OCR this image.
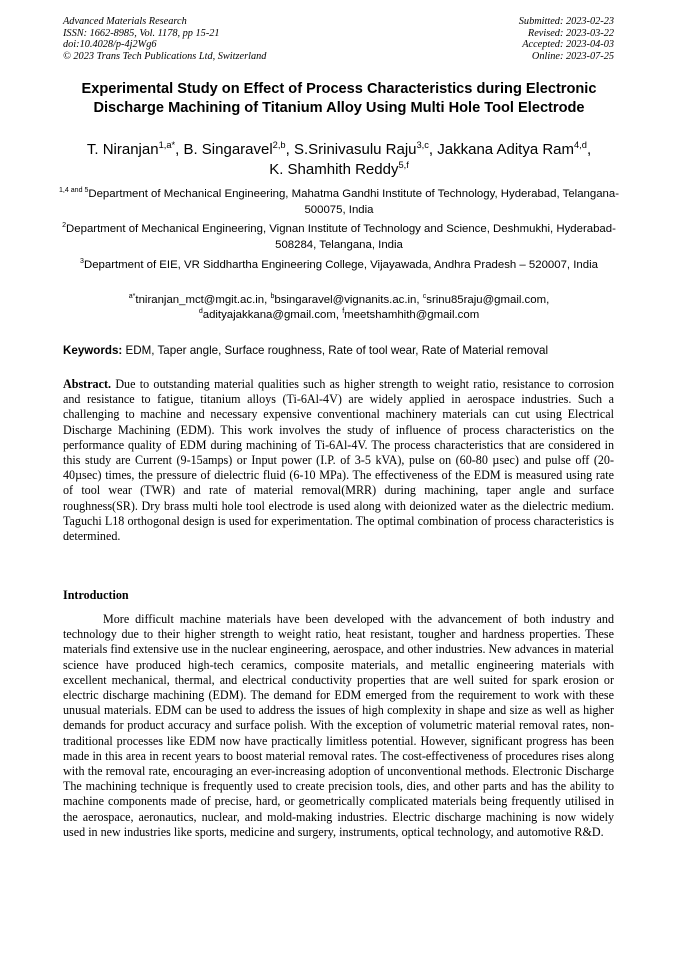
Advanced Materials Research
ISSN: 1662-8985, Vol. 1178, pp 15-21
doi:10.4028/p-4j2Wg6
© 2023 Trans Tech Publications Ltd, Switzerland
Submitted: 2023-02-23
Revised: 2023-03-22
Accepted: 2023-04-03
Online: 2023-07-25
Experimental Study on Effect of Process Characteristics during Electronic Discharge Machining of Titanium Alloy Using Multi Hole Tool Electrode
T. Niranjan$^{1,a*}$, B. Singaravel$^{2,b}$, S.Srinivasulu Raju$^{3,c}$, Jakkana Aditya Ram$^{4,d}$,
K. Shamhith Reddy$^{5,f}$
$^{1,4 and 5}$Department of Mechanical Engineering, Mahatma Gandhi Institute of Technology, Hyderabad, Telangana- 500075, India
$^2$Department of Mechanical Engineering, Vignan Institute of Technology and Science, Deshmukhi, Hyderabad-508284, Telangana, India
$^3$Department of EIE, VR Siddhartha Engineering College, Vijayawada, Andhra Pradesh – 520007, India
$^{a*}$tniranjan_mct@mgit.ac.in, $^b$bsingaravel@vignanits.ac.in, $^c$srinu85raju@gmail.com,
$^d$adityajakkana@gmail.com, $^f$meetshamhith@gmail.com
Keywords: EDM, Taper angle, Surface roughness, Rate of tool wear, Rate of Material removal
Abstract. Due to outstanding material qualities such as higher strength to weight ratio, resistance to corrosion and resistance to fatigue, titanium alloys (Ti-6Al-4V) are widely applied in aerospace industries. Such a challenging to machine and necessary expensive conventional machinery materials can cut using Electrical Discharge Machining (EDM). This work involves the study of influence of process characteristics on the performance quality of EDM during machining of Ti-6Al-4V. The process characteristics that are considered in this study are Current (9-15amps) or Input power (I.P. of 3-5 kVA), pulse on (60-80 µsec) and pulse off (20-40µsec) times, the pressure of dielectric fluid (6-10 MPa). The effectiveness of the EDM is measured using rate of tool wear (TWR) and rate of material removal(MRR) during machining, taper angle and surface roughness(SR). Dry brass multi hole tool electrode is used along with deionized water as the dielectric medium. Taguchi L18 orthogonal design is used for experimentation. The optimal combination of process characteristics is determined.
Introduction
More difficult machine materials have been developed with the advancement of both industry and technology due to their higher strength to weight ratio, heat resistant, tougher and hardness properties. These materials find extensive use in the nuclear engineering, aerospace, and other industries. New advances in material science have produced high-tech ceramics, composite materials, and metallic engineering materials with excellent mechanical, thermal, and electrical conductivity properties that are well suited for spark erosion or electric discharge machining (EDM). The demand for EDM emerged from the requirement to work with these unusual materials. EDM can be used to address the issues of high complexity in shape and size as well as higher demands for product accuracy and surface polish. With the exception of volumetric material removal rates, non-traditional processes like EDM now have practically limitless potential. However, significant progress has been made in this area in recent years to boost material removal rates. The cost-effectiveness of procedures rises along with the removal rate, encouraging an ever-increasing adoption of unconventional methods. Electronic Discharge The machining technique is frequently used to create precision tools, dies, and other parts and has the ability to machine components made of precise, hard, or geometrically complicated materials being frequently utilised in the aerospace, aeronautics, nuclear, and mold-making industries. Electric discharge machining is now widely used in new industries like sports, medicine and surgery, instruments, optical technology, and automotive R&D.
